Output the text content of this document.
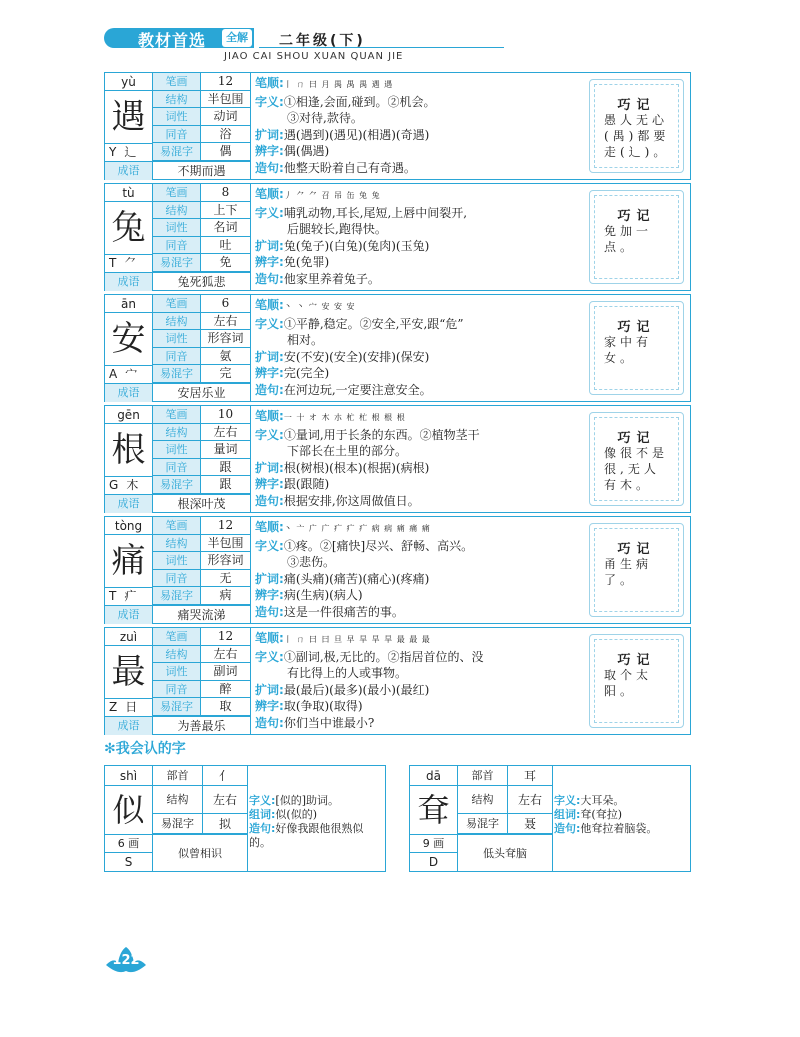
教材首选	全解 二年级(下)
JIAO CAI SHOU XUAN QUAN JIE
yù
遇
Y 辶
笔画	12
结构	半包围
词性	动词
同音	浴
易混字	偶
成语	不期而遇
笔顺:丨 ㄇ 曰 月 禺 禺 禺 遇 遇
字义:①相逢,会面,碰到。②机会。
③对待,款待。
扩词:遇(遇到)(遇见)(相遇)(奇遇)
辨字:偶(偶遇)
造句:他整天盼着自己有奇遇。
巧记
愚人无心(禺)都要走(辶)。
tù
兔
T ⺈
笔画	8
结构	上下
词性	名词
同音	吐
易混字	免
成语	兔死狐悲
笔顺:丿 ⺈ ⺈ 召 吊 缶 兔 兔
字义:哺乳动物,耳长,尾短,上唇中间裂开,
后腿较长,跑得快。
扩词:兔(兔子)(白兔)(兔肉)(玉兔)
辨字:免(免罪)
造句:他家里养着兔子。
巧记
免加一点。
ān
安
A 宀
笔画	6
结构	左右
词性	形容词
同音	氨
易混字	完
成语	安居乐业
笔顺:丶 丶 宀 安 安 安
字义:①平静,稳定。②安全,平安,跟“危”
相对。
扩词:安(不安)(安全)(安排)(保安)
辨字:完(完全)
造句:在河边玩,一定要注意安全。
巧记
家中有女。
gēn
根
G 木
笔画	10
结构	左右
词性	量词
同音	跟
易混字	跟
成语	根深叶茂
笔顺:一 十 オ 木 朩 杧 杧 根 根 根
字义:①量词,用于长条的东西。②植物茎干
下部长在土里的部分。
扩词:根(树根)(根本)(根据)(病根)
辨字:跟(跟随)
造句:根据安排,你这周做值日。
巧记
像很不是很,无人有木。
tòng
痛
T 疒
笔画	12
结构	半包围
词性	形容词
同音	无
易混字	病
成语	痛哭流涕
笔顺:丶 亠 广 广 疒 疒 疒 病 病 痛 痛 痛
字义:①疼。②[痛快]尽兴、舒畅、高兴。
③悲伤。
扩词:痛(头痛)(痛苦)(痛心)(疼痛)
辨字:病(生病)(病人)
造句:这是一件很痛苦的事。
巧记
甬生病了。
zuì
最
Z 日
笔画	12
结构	左右
词性	副词
同音	醉
易混字	取
成语	为善最乐
笔顺:丨 ㄇ 曰 曰 旦 早 旱 旱 旱 最 最 最
字义:①副词,极,无比的。②指居首位的、没
有比得上的人或事物。
扩词:最(最后)(最多)(最小)(最红)
辨字:取(争取)(取得)
造句:你们当中谁最小?
巧记
取个太阳。
✻我会认的字
shì
似
6 画
S
部首	亻
结构	左右
易混字	拟
似曾相识
字义:[似的]助词。
组词:似(似的)
造句:好像我跟他很熟似的。
dā
耷
9 画
D
部首	耳
结构	左右
易混字	聂
低头耷脑
字义:大耳朵。
组词:耷(耷拉)
造句:他耷拉着脑袋。
122
